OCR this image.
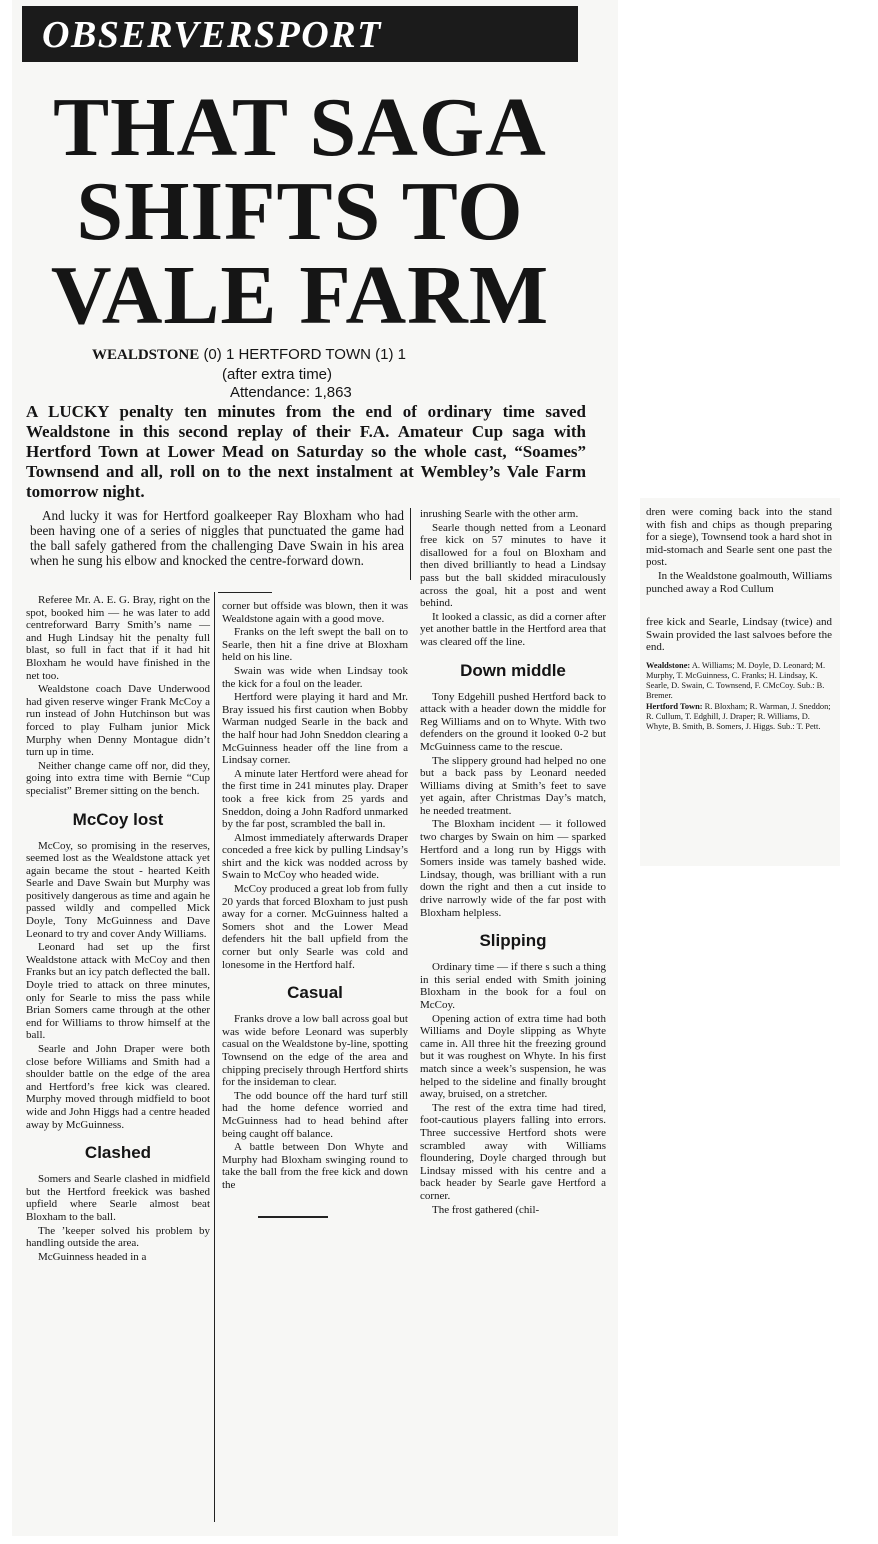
OBSERVERSPORT
THAT SAGA
SHIFTS TO
VALE FARM
WEALDSTONE (0) 1 HERTFORD TOWN (1) 1
(after extra time)
Attendance: 1,863
A LUCKY penalty ten minutes from the end of ordinary time saved Wealdstone in this second replay of their F.A. Amateur Cup saga with Hertford Town at Lower Mead on Saturday so the whole cast, “Soames” Townsend and all, roll on to the next instalment at Wembley’s Vale Farm tomorrow night.

And lucky it was for Hertford goalkeeper Ray Bloxham who had been having one of a series of niggles that punctuated the game had the ball safely gathered from the challenging Dave Swain in his area when he sung his elbow and knocked the centre-forward down.

Referee Mr. A. E. G. Bray, right on the spot, booked him — he was later to add centreforward Barry Smith’s name — and Hugh Lindsay hit the penalty full blast, so full in fact that if it had hit Bloxham he would have finished in the net too.

Wealdstone coach Dave Underwood had given reserve winger Frank McCoy a run instead of John Hutchinson but was forced to play Fulham junior Mick Murphy when Denny Montague didn’t turn up in time.

Neither change came off nor, did they, going into extra time with Bernie “Cup specialist” Bremer sitting on the bench.

McCoy lost

McCoy, so promising in the reserves, seemed lost as the Wealdstone attack yet again became the stout - hearted Keith Searle and Dave Swain but Murphy was positively dangerous as time and again he passed wildly and compelled Mick Doyle, Tony McGuinness and Dave Leonard to try and cover Andy Williams.

Leonard had set up the first Wealdstone attack with McCoy and then Franks but an icy patch deflected the ball. Doyle tried to attack on three minutes, only for Searle to miss the pass while Brian Somers came through at the other end for Williams to throw himself at the ball.

Searle and John Draper were both close before Williams and Smith had a shoulder battle on the edge of the area and Hertford’s free kick was cleared. Murphy moved through midfield to boot wide and John Higgs had a centre headed away by McGuinness.

Clashed

Somers and Searle clashed in midfield but the Hertford freekick was bashed upfield where Searle almost beat Bloxham to the ball.

The ’keeper solved his problem by handling outside the area.

McGuinness headed in a

corner but offside was blown, then it was Wealdstone again with a good move.

Franks on the left swept the ball on to Searle, then hit a fine drive at Bloxham held on his line.

Swain was wide when Lindsay took the kick for a foul on the leader.

Hertford were playing it hard and Mr. Bray issued his first caution when Bobby Warman nudged Searle in the back and the half hour had John Sneddon clearing a McGuinness header off the line from a Lindsay corner.

A minute later Hertford were ahead for the first time in 241 minutes play. Draper took a free kick from 25 yards and Sneddon, doing a John Radford unmarked by the far post, scrambled the ball in.

Almost immediately afterwards Draper conceded a free kick by pulling Lindsay’s shirt and the kick was nodded across by Swain to McCoy who headed wide.

McCoy produced a great lob from fully 20 yards that forced Bloxham to just push away for a corner. McGuinness halted a Somers shot and the Lower Mead defenders hit the ball upfield from the corner but only Searle was cold and lonesome in the Hertford half.

Casual

Franks drove a low ball across goal but was wide before Leonard was superbly casual on the Wealdstone by-line, spotting Townsend on the edge of the area and chipping precisely through Hertford shirts for the insideman to clear.

The odd bounce off the hard turf still had the home defence worried and McGuinness had to head behind after being caught off balance.

A battle between Don Whyte and Murphy had Bloxham swinging round to take the ball from the free kick and down the

inrushing Searle with the other arm.

Searle though netted from a Leonard free kick on 57 minutes to have it disallowed for a foul on Bloxham and then dived brilliantly to head a Lindsay pass but the ball skidded miraculously across the goal, hit a post and went behind.

It looked a classic, as did a corner after yet another battle in the Hertford area that was cleared off the line.

Down middle

Tony Edgehill pushed Hertford back to attack with a header down the middle for Reg Williams and on to Whyte. With two defenders on the ground it looked 0-2 but McGuinness came to the rescue.

The slippery ground had helped no one but a back pass by Leonard needed Williams diving at Smith’s feet to save yet again, after Christmas Day’s match, he needed treatment.

The Bloxham incident — it followed two charges by Swain on him — sparked Hertford and a long run by Higgs with Somers inside was tamely bashed wide. Lindsay, though, was brilliant with a run down the right and then a cut inside to drive narrowly wide of the far post with Bloxham helpless.

Slipping

Ordinary time — if there s such a thing in this serial ended with Smith joining Bloxham in the book for a foul on McCoy.

Opening action of extra time had both Williams and Doyle slipping as Whyte came in. All three hit the freezing ground but it was roughest on Whyte. In his first match since a week’s suspension, he was helped to the sideline and finally brought away, bruised, on a stretcher.

The rest of the extra time had tired, foot-cautious players falling into errors. Three successive Hertford shots were scrambled away with Williams floundering, Doyle charged through but Lindsay missed with his centre and a back header by Searle gave Hertford a corner.

The frost gathered (chil-

dren were coming back into the stand with fish and chips as though preparing for a siege), Townsend took a hard shot in mid-stomach and Searle sent one past the post.

In the Wealdstone goalmouth, Williams punched away a Rod Cullum

free kick and Searle, Lindsay (twice) and Swain provided the last salvoes before the end.

Wealdstone: A. Williams; M. Doyle, D. Leonard; M. Murphy, T. McGuinness, C. Franks; H. Lindsay, K. Searle, D. Swain, C. Townsend, F. CMcCoy. Sub.: B. Bremer.

Hertford Town: R. Bloxham; R. Warman, J. Sneddon; R. Cullum, T. Edghill, J. Draper; R. Williams, D. Whyte, B. Smith, B. Somers, J. Higgs. Sub.: T. Pett.
